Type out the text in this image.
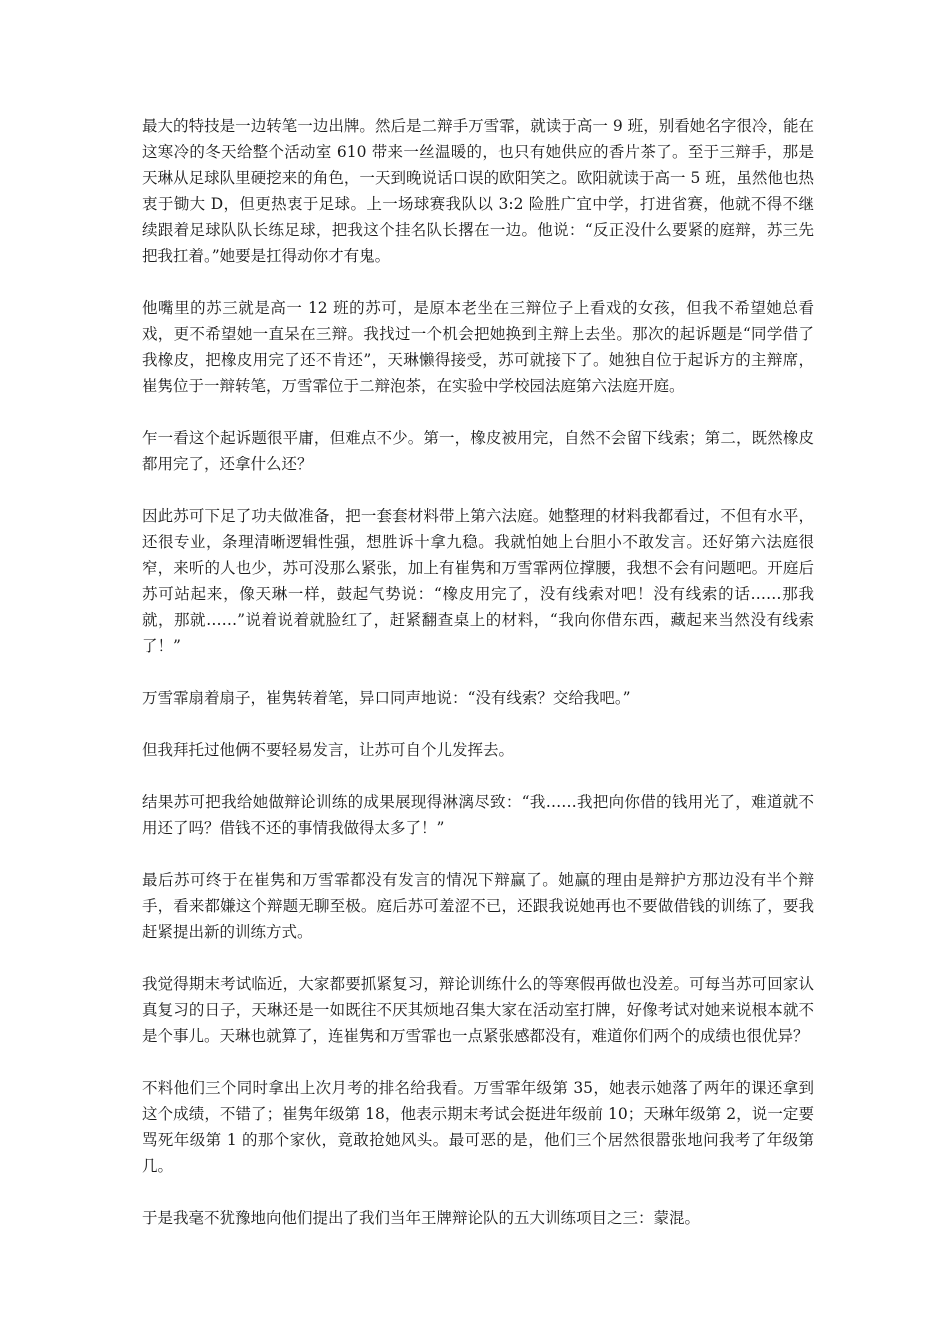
最大的特技是一边转笔一边出牌。然后是二辩手万雪霏，就读于高一 9 班，别看她名字很冷，能在这寒冷的冬天给整个活动室 610 带来一丝温暖的，也只有她供应的香片茶了。至于三辩手，那是天琳从足球队里硬挖来的角色，一天到晚说话口误的欧阳笑之。欧阳就读于高一 5 班，虽然他也热衷于锄大 D，但更热衷于足球。上一场球赛我队以 3:2 险胜广宜中学，打进省赛，他就不得不继续跟着足球队队长练足球，把我这个挂名队长撂在一边。他说：“反正没什么要紧的庭辩，苏三先把我扛着。”她要是扛得动你才有鬼。

他嘴里的苏三就是高一 12 班的苏可，是原本老坐在三辩位子上看戏的女孩，但我不希望她总看戏，更不希望她一直呆在三辩。我找过一个机会把她换到主辩上去坐。那次的起诉题是“同学借了我橡皮，把橡皮用完了还不肯还”，天琳懒得接受，苏可就接下了。她独自位于起诉方的主辩席，崔隽位于一辩转笔，万雪霏位于二辩泡茶，在实验中学校园法庭第六法庭开庭。

乍一看这个起诉题很平庸，但难点不少。第一，橡皮被用完，自然不会留下线索；第二，既然橡皮都用完了，还拿什么还？

因此苏可下足了功夫做准备，把一套套材料带上第六法庭。她整理的材料我都看过，不但有水平，还很专业，条理清晰逻辑性强，想胜诉十拿九稳。我就怕她上台胆小不敢发言。还好第六法庭很窄，来听的人也少，苏可没那么紧张，加上有崔隽和万雪霏两位撑腰，我想不会有问题吧。开庭后苏可站起来，像天琳一样，鼓起气势说：“橡皮用完了，没有线索对吧！没有线索的话……那我就，那就……”说着说着就脸红了，赶紧翻查桌上的材料，“我向你借东西，藏起来当然没有线索了！”

万雪霏扇着扇子，崔隽转着笔，异口同声地说：“没有线索？交给我吧。”

但我拜托过他俩不要轻易发言，让苏可自个儿发挥去。

结果苏可把我给她做辩论训练的成果展现得淋漓尽致：“我……我把向你借的钱用光了，难道就不用还了吗？借钱不还的事情我做得太多了！”

最后苏可终于在崔隽和万雪霏都没有发言的情况下辩赢了。她赢的理由是辩护方那边没有半个辩手，看来都嫌这个辩题无聊至极。庭后苏可羞涩不已，还跟我说她再也不要做借钱的训练了，要我赶紧提出新的训练方式。

我觉得期末考试临近，大家都要抓紧复习，辩论训练什么的等寒假再做也没差。可每当苏可回家认真复习的日子，天琳还是一如既往不厌其烦地召集大家在活动室打牌，好像考试对她来说根本就不是个事儿。天琳也就算了，连崔隽和万雪霏也一点紧张感都没有，难道你们两个的成绩也很优异？

不料他们三个同时拿出上次月考的排名给我看。万雪霏年级第 35，她表示她落了两年的课还拿到这个成绩，不错了；崔隽年级第 18，他表示期末考试会挺进年级前 10；天琳年级第 2，说一定要骂死年级第 1 的那个家伙，竟敢抢她风头。最可恶的是，他们三个居然很嚣张地问我考了年级第几。

于是我毫不犹豫地向他们提出了我们当年王牌辩论队的五大训练项目之三：蒙混。
